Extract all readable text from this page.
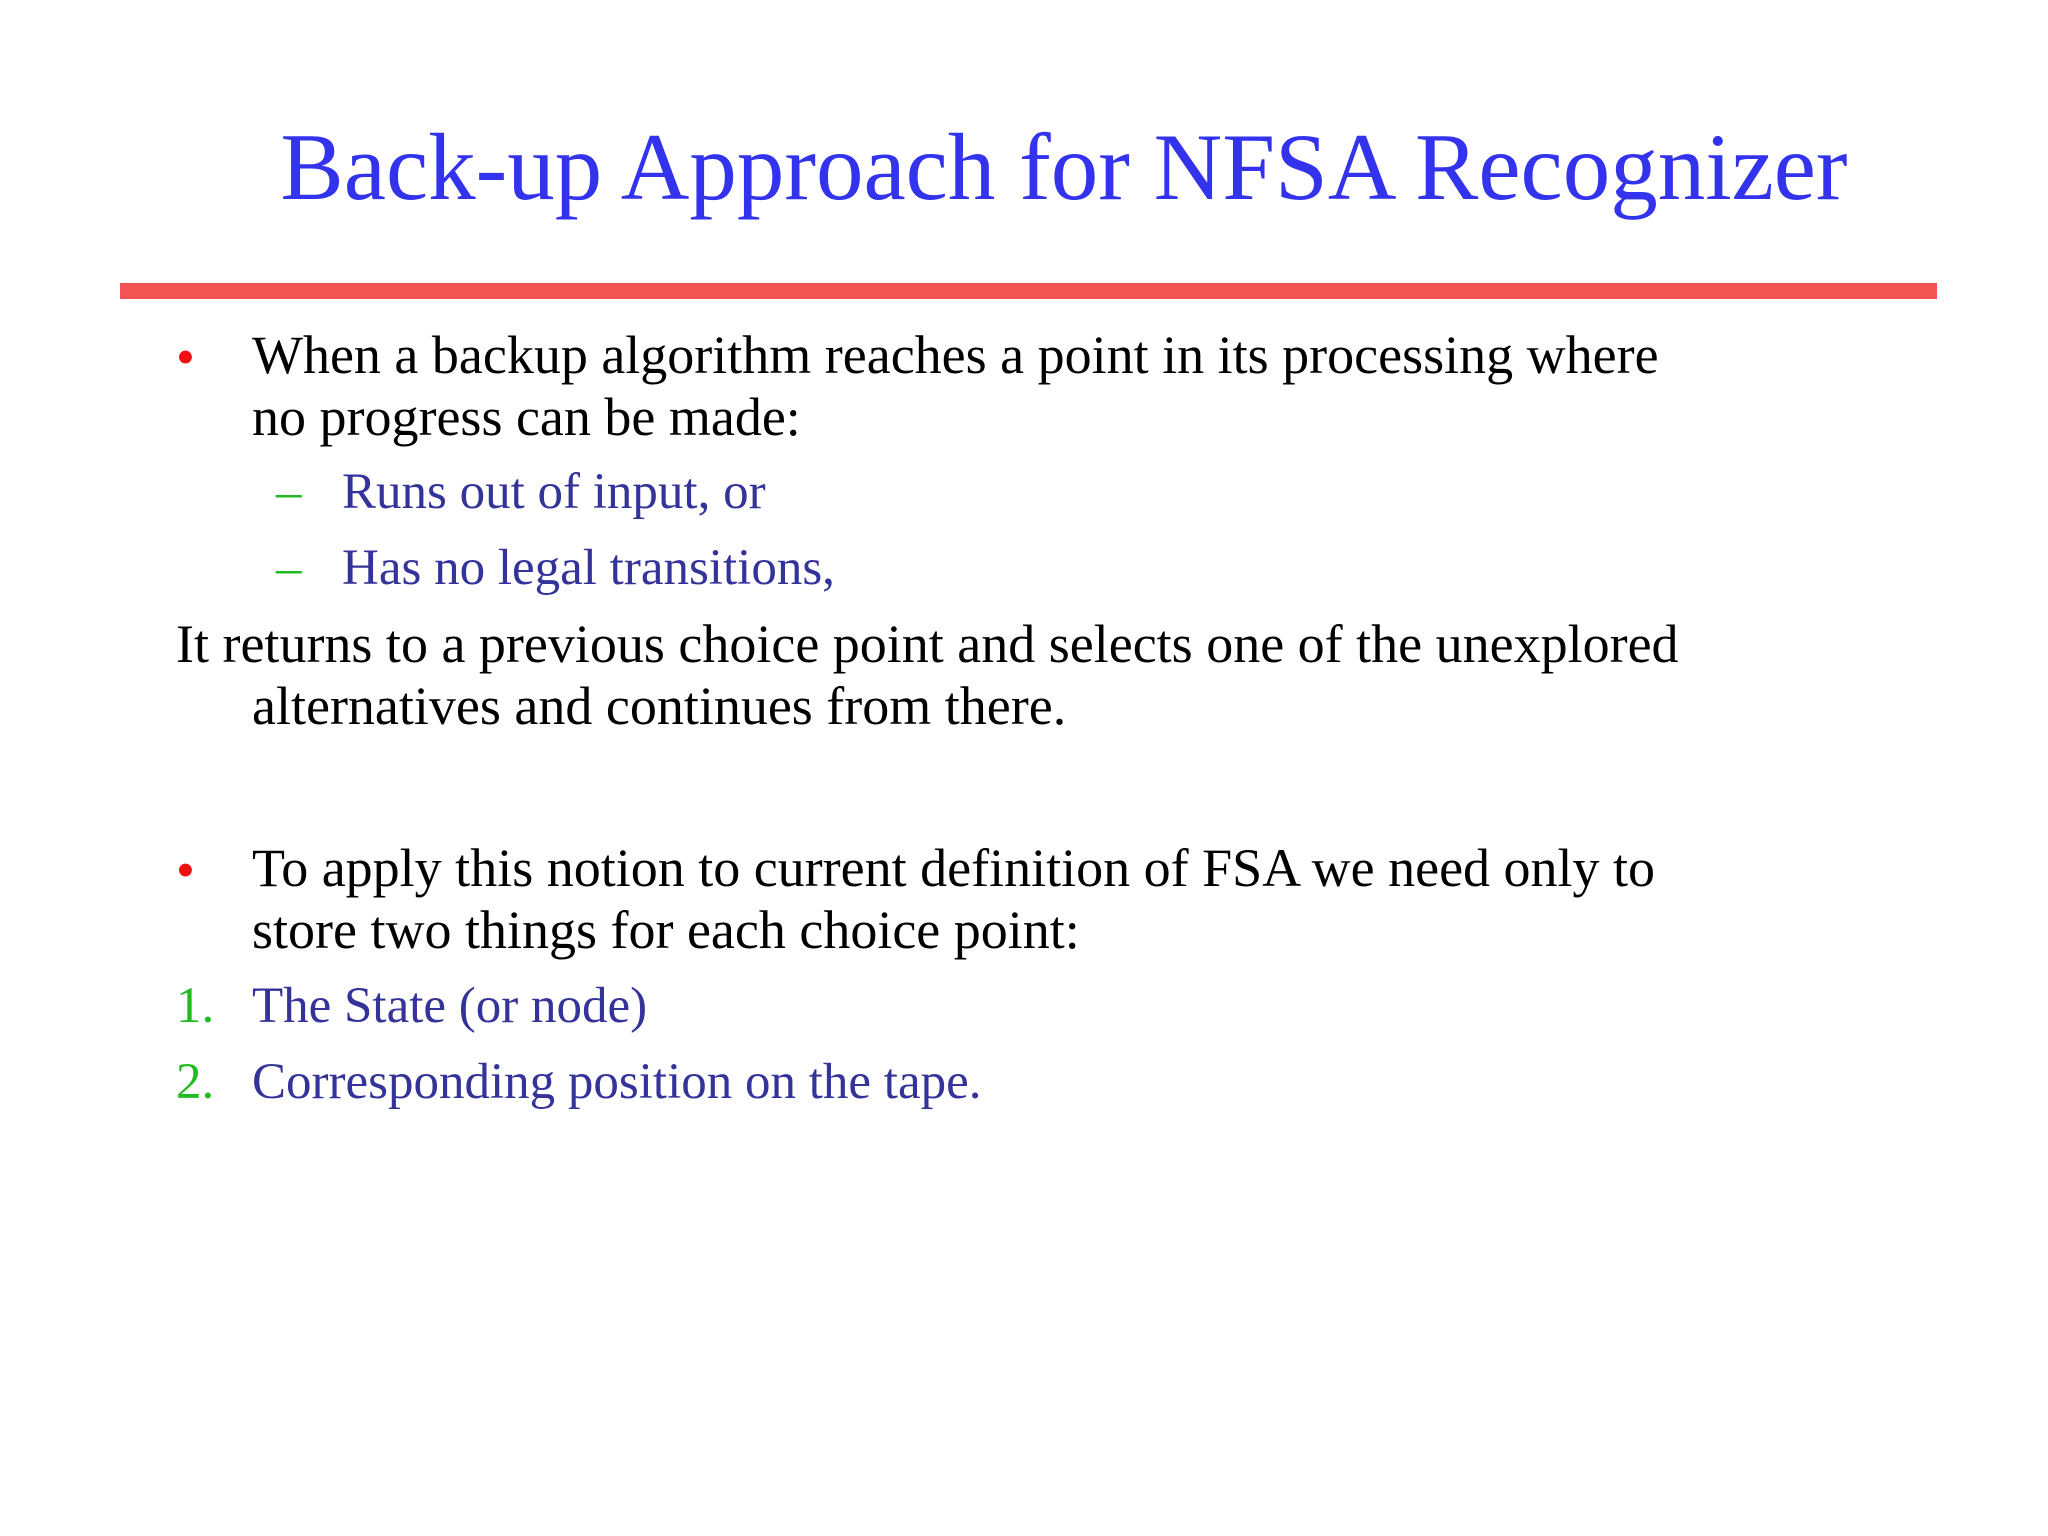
Back-up Approach for NFSA Recognizer
• When a backup algorithm reaches a point in its processing where

no progress can be made:

– Runs out of input, or

– Has no legal transitions,

It returns to a previous choice point and selects one of the unexplored

alternatives and continues from there.

• To apply this notion to current definition of FSA we need only to

store two things for each choice point:

1. The State (or node)

2. Corresponding position on the tape.
